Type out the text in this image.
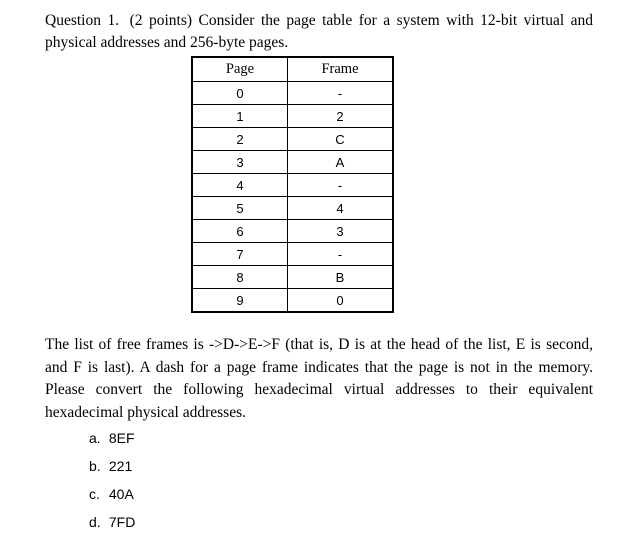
Question 1. (2 points) Consider the page table for a system with 12-bit virtual and physical addresses and 256-byte pages.
Page	Frame
0	-
1	2
2	C
3	A
4	-
5	4
6	3
7	-
8	B
9	0
The list of free frames is ->D->E->F (that is, D is at the head of the list, E is second, and F is last). A dash for a page frame indicates that the page is not in the memory. Please convert the following hexadecimal virtual addresses to their equivalent hexadecimal physical addresses.
a. 8EF
b. 221
c. 40A
d. 7FD
